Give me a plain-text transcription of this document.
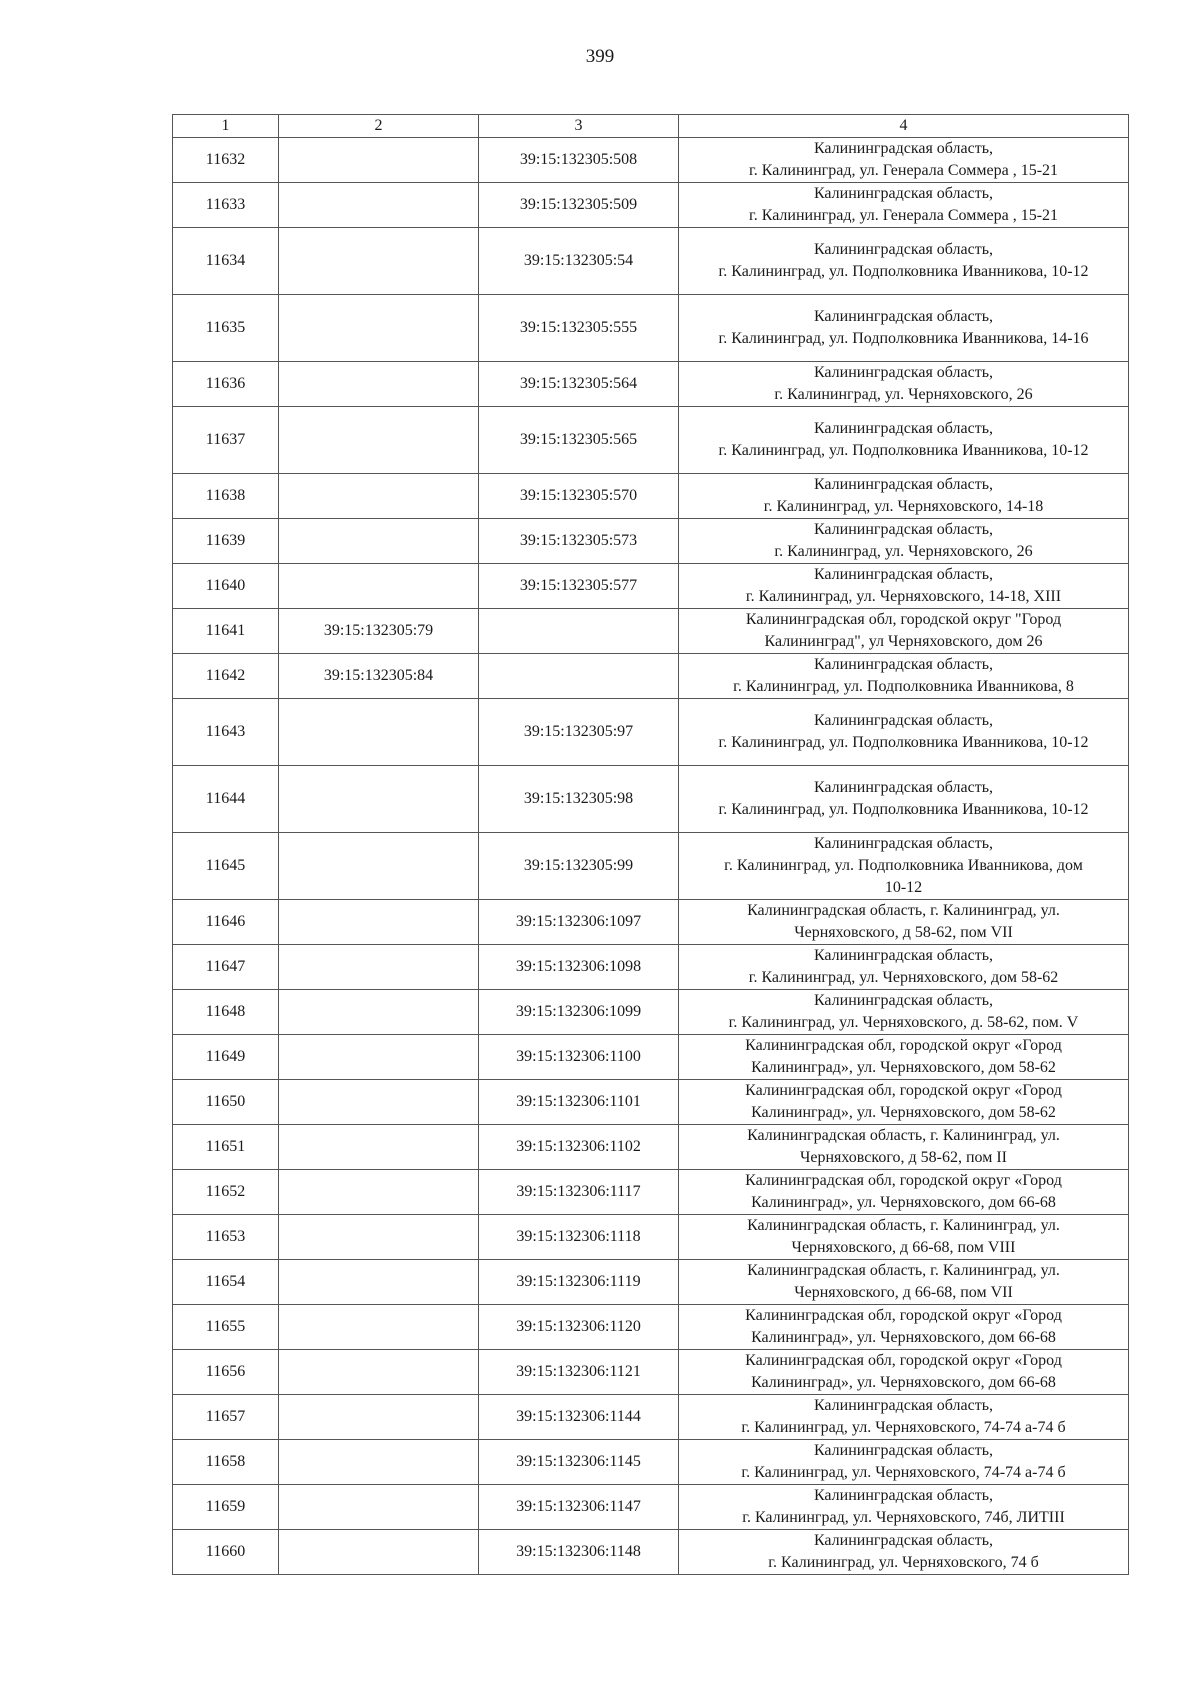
399
1	2	3	4
11632		39:15:132305:508	Калининградская область,
г. Калининград, ул. Генерала Соммера , 15-21

11633		39:15:132305:509	Калининградская область,
г. Калининград, ул. Генерала Соммера , 15-21

11634		39:15:132305:54	Калининградская область,
г. Калининград, ул. Подполковника Иванникова, 10-12

11635		39:15:132305:555	Калининградская область,
г. Калининград, ул. Подполковника Иванникова, 14-16

11636		39:15:132305:564	Калининградская область,
г. Калининград, ул. Черняховского, 26

11637		39:15:132305:565	Калининградская область,
г. Калининград, ул. Подполковника Иванникова, 10-12

11638		39:15:132305:570	Калининградская область,
г. Калининград, ул. Черняховского, 14-18

11639		39:15:132305:573	Калининградская область,
г. Калининград, ул. Черняховского, 26

11640		39:15:132305:577	Калининградская область,
г. Калининград, ул. Черняховского, 14-18, XIII

11641	39:15:132305:79		Калининградская обл, городской округ "Город
Калининград", ул Черняховского, дом 26

11642	39:15:132305:84		Калининградская область,
г. Калининград, ул. Подполковника Иванникова, 8

11643		39:15:132305:97	Калининградская область,
г. Калининград, ул. Подполковника Иванникова, 10-12

11644		39:15:132305:98	Калининградская область,
г. Калининград, ул. Подполковника Иванникова, 10-12

11645		39:15:132305:99	Калининградская область,
г. Калининград, ул. Подполковника Иванникова, дом
10-12

11646		39:15:132306:1097	Калининградская область, г. Калининград, ул.
Черняховского, д 58-62, пом VII

11647		39:15:132306:1098	Калининградская область,
г. Калининград, ул. Черняховского, дом 58-62

11648		39:15:132306:1099	Калининградская область,
г. Калининград, ул. Черняховского, д. 58-62, пом. V

11649		39:15:132306:1100	Калининградская обл, городской округ «Город
Калининград», ул. Черняховского, дом 58-62

11650		39:15:132306:1101	Калининградская обл, городской округ «Город
Калининград», ул. Черняховского, дом 58-62

11651		39:15:132306:1102	Калининградская область, г. Калининград, ул.
Черняховского, д 58-62, пом II

11652		39:15:132306:1117	Калининградская обл, городской округ «Город
Калининград», ул. Черняховского, дом 66-68

11653		39:15:132306:1118	Калининградская область, г. Калининград, ул.
Черняховского, д 66-68, пом VIII

11654		39:15:132306:1119	Калининградская область, г. Калининград, ул.
Черняховского, д 66-68, пом VII

11655		39:15:132306:1120	Калининградская обл, городской округ «Город
Калининград», ул. Черняховского, дом 66-68

11656		39:15:132306:1121	Калининградская обл, городской округ «Город
Калининград», ул. Черняховского, дом 66-68

11657		39:15:132306:1144	Калининградская область,
г. Калининград, ул. Черняховского, 74-74 а-74 б

11658		39:15:132306:1145	Калининградская область,
г. Калининград, ул. Черняховского, 74-74 а-74 б

11659		39:15:132306:1147	Калининградская область,
г. Калининград, ул. Черняховского, 74б, ЛИТIII

11660		39:15:132306:1148	Калининградская область,
г. Калининград, ул. Черняховского, 74 б
